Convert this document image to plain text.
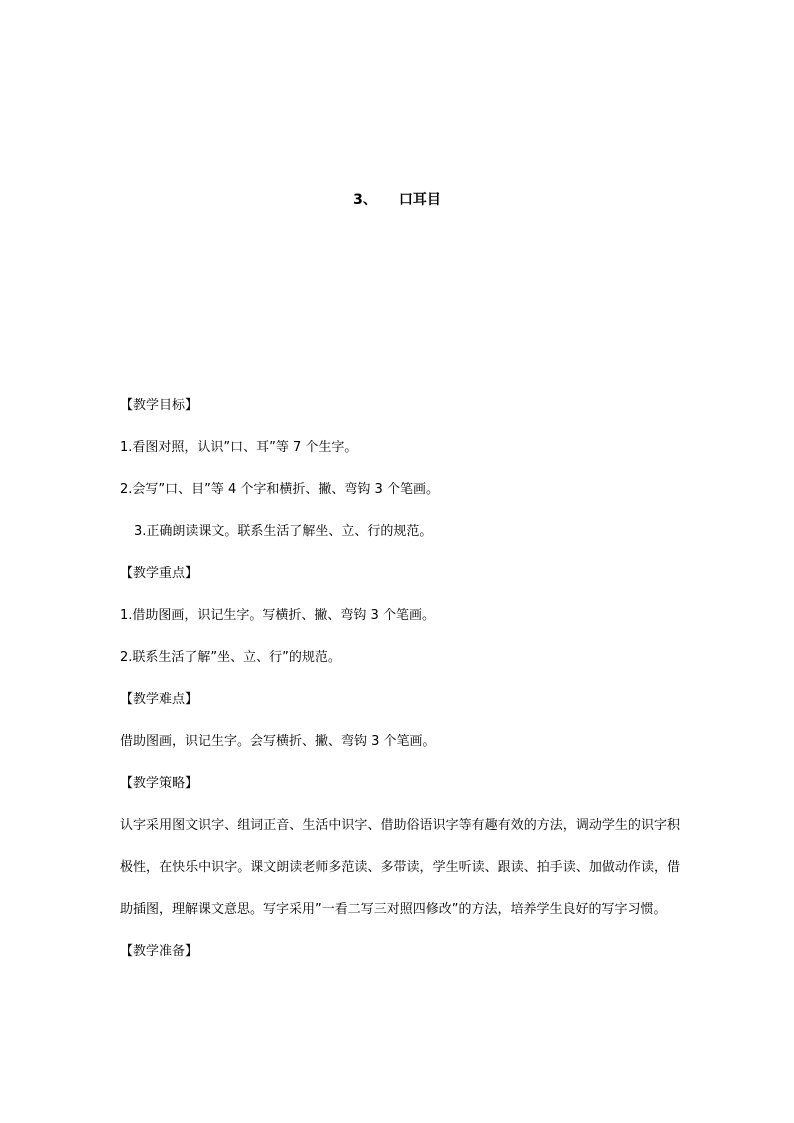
3、 口耳目
【教学目标】
1.看图对照，认识”口、耳”等 7 个生字。
2.会写”口、目”等 4 个字和横折、撇、弯钩 3 个笔画。
3.正确朗读课文。联系生活了解坐、立、行的规范。
【教学重点】
1.借助图画，识记生字。写横折、撇、弯钩 3 个笔画。
2.联系生活了解”坐、立、行”的规范。
【教学难点】
借助图画，识记生字。会写横折、撇、弯钩 3 个笔画。
【教学策略】
认字采用图文识字、组词正音、生活中识字、借助俗语识字等有趣有效的方法，调动学生的识字积极性，在快乐中识字。课文朗读老师多范读、多带读，学生听读、跟读、拍手读、加做动作读，借助插图，理解课文意思。写字采用”一看二写三对照四修改”的方法，培养学生良好的写字习惯。
【教学准备】
